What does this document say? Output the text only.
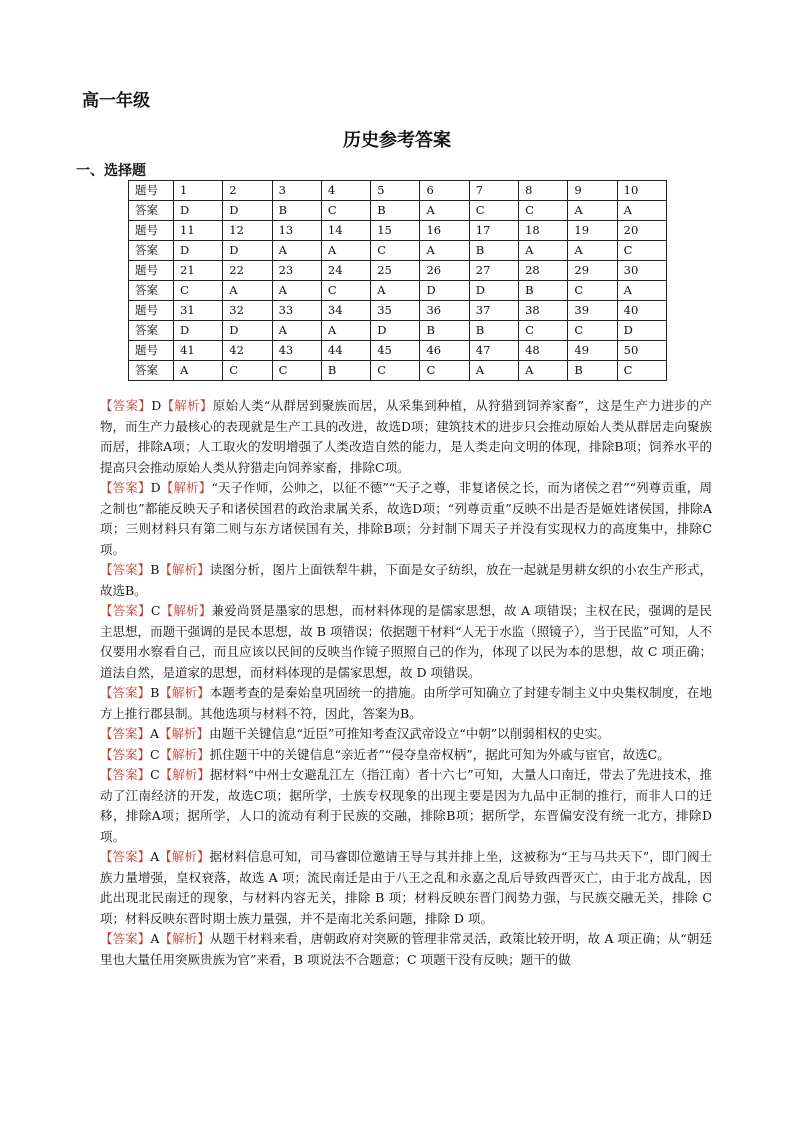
高一年级
历史参考答案
一、选择题
题号	1	2	3	4	5	6	7	8	9	10
答案	D	D	B	C	B	A	C	C	A	A
题号	11	12	13	14	15	16	17	18	19	20
答案	D	D	A	A	C	A	B	A	A	C
题号	21	22	23	24	25	26	27	28	29	30
答案	C	A	A	C	A	D	D	B	C	A
题号	31	32	33	34	35	36	37	38	39	40
答案	D	D	A	A	D	B	B	C	C	D
题号	41	42	43	44	45	46	47	48	49	50
答案	A	C	C	B	C	C	A	A	B	C

【答案】D【解析】原始人类“从群居到聚族而居，从采集到种植，从狩猎到饲养家畜”，这是生产力进步的产物，而生产力最核心的表现就是生产工具的改进，故选D项；建筑技术的进步只会推动原始人类从群居走向聚族而居，排除A项；人工取火的发明增强了人类改造自然的能力，是人类走向文明的体现，排除B项；饲养水平的提高只会推动原始人类从狩猎走向饲养家畜，排除C项。

【答案】D【解析】“天子作师，公帅之，以征不德”“天子之尊，非复诸侯之长，而为诸侯之君”“列尊贡重，周之制也”都能反映天子和诸侯国君的政治隶属关系，故选D项；“列尊贡重”反映不出是否是姬姓诸侯国，排除A项；三则材料只有第二则与东方诸侯国有关，排除B项；分封制下周天子并没有实现权力的高度集中，排除C项。

【答案】B【解析】读图分析，图片上面铁犁牛耕，下面是女子纺织，放在一起就是男耕女织的小农生产形式，故选B。

【答案】C【解析】兼爱尚贤是墨家的思想，而材料体现的是儒家思想，故 A 项错误；主权在民，强调的是民主思想，而题干强调的是民本思想，故 B 项错误；依据题干材料“人无于水监（照镜子），当于民监”可知，人不仅要用水察看自己，而且应该以民间的反映当作镜子照照自己的作为，体现了以民为本的思想，故 C 项正确；道法自然，是道家的思想，而材料体现的是儒家思想，故 D 项错误。

【答案】B【解析】本题考查的是秦始皇巩固统一的措施。由所学可知确立了封建专制主义中央集权制度，在地方上推行郡县制。其他选项与材料不符，因此，答案为B。

【答案】A【解析】由题干关键信息“近臣”可推知考查汉武帝设立“中朝”以削弱相权的史实。

【答案】C【解析】抓住题干中的关键信息“亲近者”“侵夺皇帝权柄”，据此可知为外戚与宦官，故选C。

【答案】C【解析】据材料“中州士女避乱江左（指江南）者十六七”可知，大量人口南迁，带去了先进技术，推动了江南经济的开发，故选C项；据所学，士族专权现象的出现主要是因为九品中正制的推行，而非人口的迁移，排除A项；据所学，人口的流动有利于民族的交融，排除B项；据所学，东晋偏安没有统一北方，排除D项。

【答案】A【解析】据材料信息可知，司马睿即位邀请王导与其并排上坐，这被称为“王与马共天下”，即门阀士族力量增强，皇权衰落，故选 A 项；流民南迁是由于八王之乱和永嘉之乱后导致西晋灭亡，由于北方战乱，因此出现北民南迁的现象，与材料内容无关，排除 B 项；材料反映东晋门阀势力强，与民族交融无关，排除 C 项；材料反映东晋时期士族力量强，并不是南北关系问题，排除 D 项。

【答案】A【解析】从题干材料来看，唐朝政府对突厥的管理非常灵活，政策比较开明，故 A 项正确；从“朝廷里也大量任用突厥贵族为官”来看，B 项说法不合题意；C 项题干没有反映；题干的做
